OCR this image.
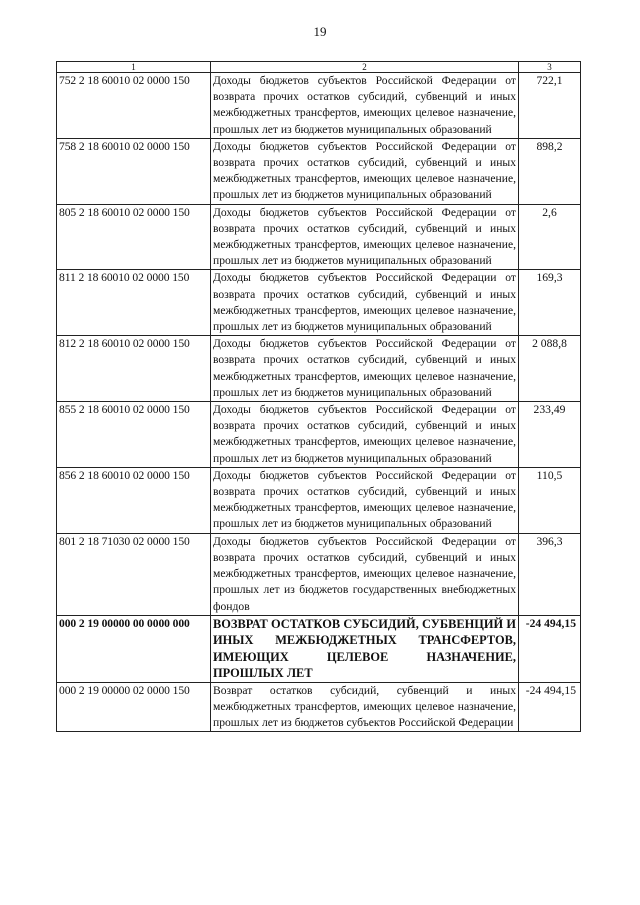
19
1	2	3
752 2 18 60010 02 0000 150	Доходы бюджетов субъектов Российской Федерации от возврата прочих остатков субсидий, субвенций и иных межбюджетных трансфертов, имеющих целевое назначение, прошлых лет из бюджетов муниципальных образований	722,1
758 2 18 60010 02 0000 150	Доходы бюджетов субъектов Российской Федерации от возврата прочих остатков субсидий, субвенций и иных межбюджетных трансфертов, имеющих целевое назначение, прошлых лет из бюджетов муниципальных образований	898,2
805 2 18 60010 02 0000 150	Доходы бюджетов субъектов Российской Федерации от возврата прочих остатков субсидий, субвенций и иных межбюджетных трансфертов, имеющих целевое назначение, прошлых лет из бюджетов муниципальных образований	2,6
811 2 18 60010 02 0000 150	Доходы бюджетов субъектов Российской Федерации от возврата прочих остатков субсидий, субвенций и иных межбюджетных трансфертов, имеющих целевое назначение, прошлых лет из бюджетов муниципальных образований	169,3
812 2 18 60010 02 0000 150	Доходы бюджетов субъектов Российской Федерации от возврата прочих остатков субсидий, субвенций и иных межбюджетных трансфертов, имеющих целевое назначение, прошлых лет из бюджетов муниципальных образований	2 088,8
855 2 18 60010 02 0000 150	Доходы бюджетов субъектов Российской Федерации от возврата прочих остатков субсидий, субвенций и иных межбюджетных трансфертов, имеющих целевое назначение, прошлых лет из бюджетов муниципальных образований	233,49
856 2 18 60010 02 0000 150	Доходы бюджетов субъектов Российской Федерации от возврата прочих остатков субсидий, субвенций и иных межбюджетных трансфертов, имеющих целевое назначение, прошлых лет из бюджетов муниципальных образований	110,5
801 2 18 71030 02 0000 150	Доходы бюджетов субъектов Российской Федерации от возврата прочих остатков субсидий, субвенций и иных межбюджетных трансфертов, имеющих целевое назначение, прошлых лет из бюджетов государственных внебюджетных фондов	396,3
000 2 19 00000 00 0000 000	ВОЗВРАТ ОСТАТКОВ СУБСИДИЙ, СУБВЕНЦИЙ И ИНЫХ МЕЖБЮДЖЕТНЫХ ТРАНСФЕРТОВ, ИМЕЮЩИХ ЦЕЛЕВОЕ НАЗНАЧЕНИЕ, ПРОШЛЫХ ЛЕТ	-24 494,15
000 2 19 00000 02 0000 150	Возврат остатков субсидий, субвенций и иных межбюджетных трансфертов, имеющих целевое назначение, прошлых лет из бюджетов субъектов Российской Федерации	-24 494,15
